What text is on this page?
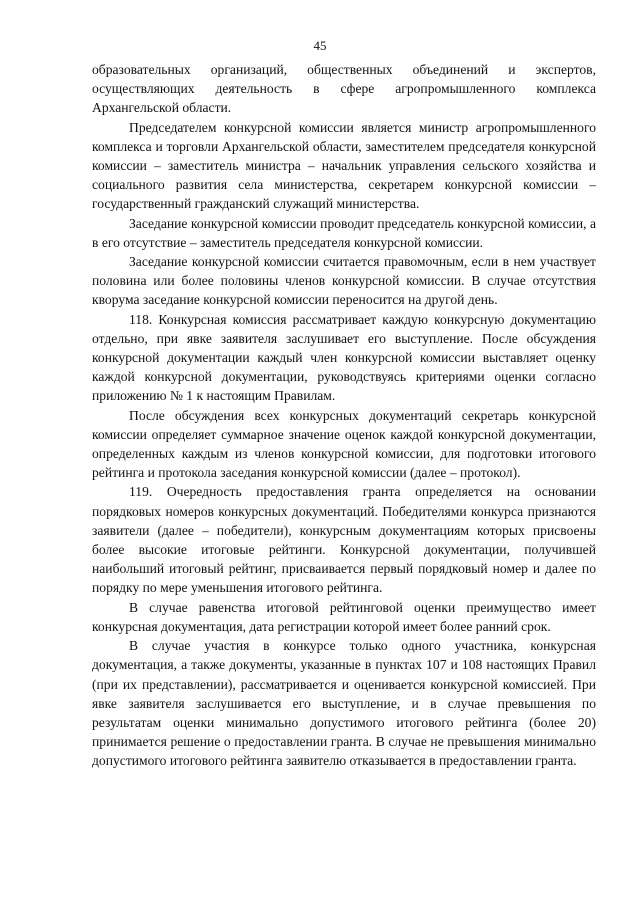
45

образовательных организаций, общественных объединений и экспертов, осуществляющих деятельность в сфере агропромышленного комплекса Архангельской области.

Председателем конкурсной комиссии является министр агропромышленного комплекса и торговли Архангельской области, заместителем председателя конкурсной комиссии – заместитель министра – начальник управления сельского хозяйства и социального развития села министерства, секретарем конкурсной комиссии – государственный гражданский служащий министерства.

Заседание конкурсной комиссии проводит председатель конкурсной комиссии, а в его отсутствие – заместитель председателя конкурсной комиссии.

Заседание конкурсной комиссии считается правомочным, если в нем участвует половина или более половины членов конкурсной комиссии. В случае отсутствия кворума заседание конкурсной комиссии переносится на другой день.

118. Конкурсная комиссия рассматривает каждую конкурсную документацию отдельно, при явке заявителя заслушивает его выступление. После обсуждения конкурсной документации каждый член конкурсной комиссии выставляет оценку каждой конкурсной документации, руководствуясь критериями оценки согласно приложению № 1 к настоящим Правилам.

После обсуждения всех конкурсных документаций секретарь конкурсной комиссии определяет суммарное значение оценок каждой конкурсной документации, определенных каждым из членов конкурсной комиссии, для подготовки итогового рейтинга и протокола заседания конкурсной комиссии (далее – протокол).

119. Очередность предоставления гранта определяется на основании порядковых номеров конкурсных документаций. Победителями конкурса признаются заявители (далее – победители), конкурсным документациям которых присвоены более высокие итоговые рейтинги. Конкурсной документации, получившей наибольший итоговый рейтинг, присваивается первый порядковый номер и далее по порядку по мере уменьшения итогового рейтинга.

В случае равенства итоговой рейтинговой оценки преимущество имеет конкурсная документация, дата регистрации которой имеет более ранний срок.

В случае участия в конкурсе только одного участника, конкурсная документация, а также документы, указанные в пунктах 107 и 108 настоящих Правил (при их представлении), рассматривается и оценивается конкурсной комиссией. При явке заявителя заслушивается его выступление, и в случае превышения по результатам оценки минимально допустимого итогового рейтинга (более 20) принимается решение о предоставлении гранта. В случае не превышения минимально допустимого итогового рейтинга заявителю отказывается в предоставлении гранта.
